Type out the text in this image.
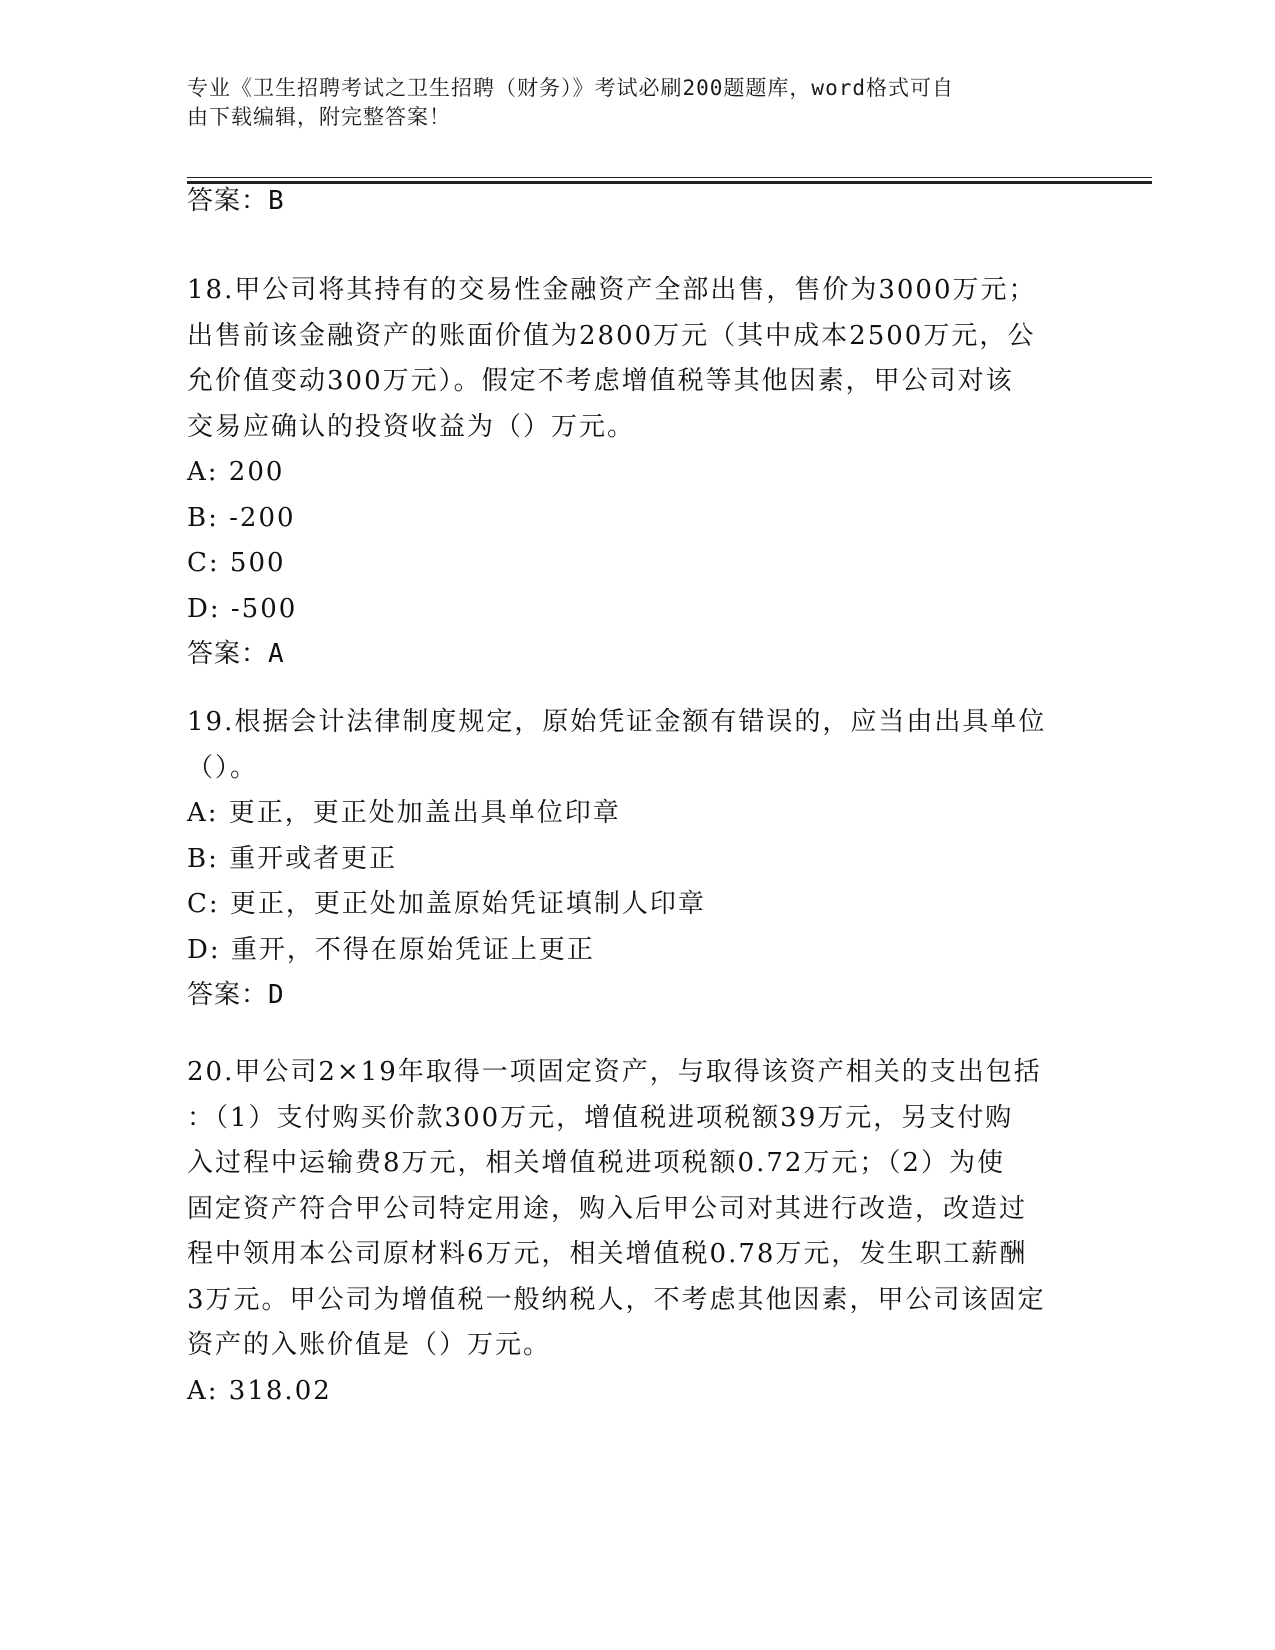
专业《卫生招聘考试之卫生招聘（财务）》考试必刷200题题库，word格式可自
由下载编辑，附完整答案！
答案：B

18.甲公司将其持有的交易性金融资产全部出售，售价为3000万元；

出售前该金融资产的账面价值为2800万元（其中成本2500万元，公

允价值变动300万元）。假定不考虑增值税等其他因素，甲公司对该

交易应确认的投资收益为（）万元。

A: 200

B: -200

C: 500

D: -500

答案：A

19.根据会计法律制度规定，原始凭证金额有错误的，应当由出具单位

（）。

A: 更正，更正处加盖出具单位印章

B: 重开或者更正

C: 更正，更正处加盖原始凭证填制人印章

D: 重开，不得在原始凭证上更正

答案：D

20.甲公司2×19年取得一项固定资产，与取得该资产相关的支出包括

：（1）支付购买价款300万元，增值税进项税额39万元，另支付购

入过程中运输费8万元，相关增值税进项税额0.72万元；（2）为使

固定资产符合甲公司特定用途，购入后甲公司对其进行改造，改造过

程中领用本公司原材料6万元，相关增值税0.78万元，发生职工薪酬

3万元。甲公司为增值税一般纳税人，不考虑其他因素，甲公司该固定

资产的入账价值是（）万元。

A: 318.02
